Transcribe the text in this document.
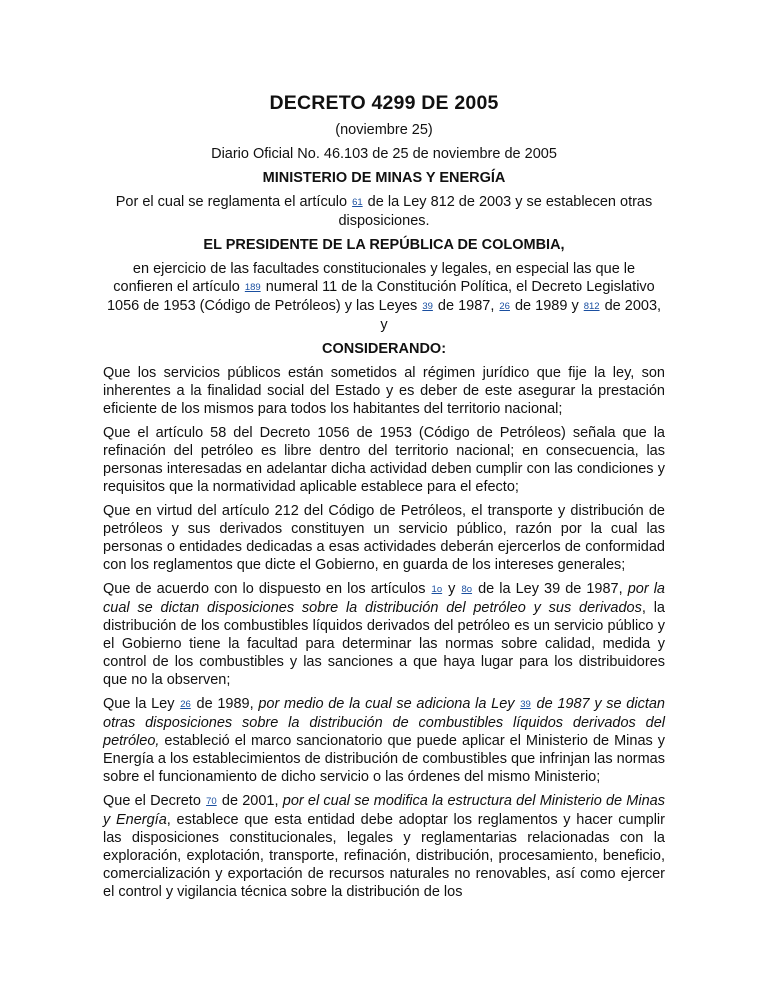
DECRETO 4299 DE 2005
(noviembre 25)
Diario Oficial No. 46.103 de 25 de noviembre de 2005
MINISTERIO DE MINAS Y ENERGÍA
Por el cual se reglamenta el artículo 61 de la Ley 812 de 2003 y se establecen otras disposiciones.
EL PRESIDENTE DE LA REPÚBLICA DE COLOMBIA,
en ejercicio de las facultades constitucionales y legales, en especial las que le confieren el artículo 189 numeral 11 de la Constitución Política, el Decreto Legislativo 1056 de 1953 (Código de Petróleos) y las Leyes 39 de 1987, 26 de 1989 y 812 de 2003, y
CONSIDERANDO:

Que los servicios públicos están sometidos al régimen jurídico que fije la ley, son inherentes a la finalidad social del Estado y es deber de este asegurar la prestación eficiente de los mismos para todos los habitantes del territorio nacional;

Que el artículo 58 del Decreto 1056 de 1953 (Código de Petróleos) señala que la refinación del petróleo es libre dentro del territorio nacional; en consecuencia, las personas interesadas en adelantar dicha actividad deben cumplir con las condiciones y requisitos que la normatividad aplicable establece para el efecto;

Que en virtud del artículo 212 del Código de Petróleos, el transporte y distribución de petróleos y sus derivados constituyen un servicio público, razón por la cual las personas o entidades dedicadas a esas actividades deberán ejercerlos de conformidad con los reglamentos que dicte el Gobierno, en guarda de los intereses generales;

Que de acuerdo con lo dispuesto en los artículos 1o y 8o de la Ley 39 de 1987, por la cual se dictan disposiciones sobre la distribución del petróleo y sus derivados, la distribución de los combustibles líquidos derivados del petróleo es un servicio público y el Gobierno tiene la facultad para determinar las normas sobre calidad, medida y control de los combustibles y las sanciones a que haya lugar para los distribuidores que no la observen;

Que la Ley 26 de 1989, por medio de la cual se adiciona la Ley 39 de 1987 y se dictan otras disposiciones sobre la distribución de combustibles líquidos derivados del petróleo, estableció el marco sancionatorio que puede aplicar el Ministerio de Minas y Energía a los establecimientos de distribución de combustibles que infrinjan las normas sobre el funcionamiento de dicho servicio o las órdenes del mismo Ministerio;

Que el Decreto 70 de 2001, por el cual se modifica la estructura del Ministerio de Minas y Energía, establece que esta entidad debe adoptar los reglamentos y hacer cumplir las disposiciones constitucionales, legales y reglamentarias relacionadas con la exploración, explotación, transporte, refinación, distribución, procesamiento, beneficio, comercialización y exportación de recursos naturales no renovables, así como ejercer el control y vigilancia técnica sobre la distribución de los
